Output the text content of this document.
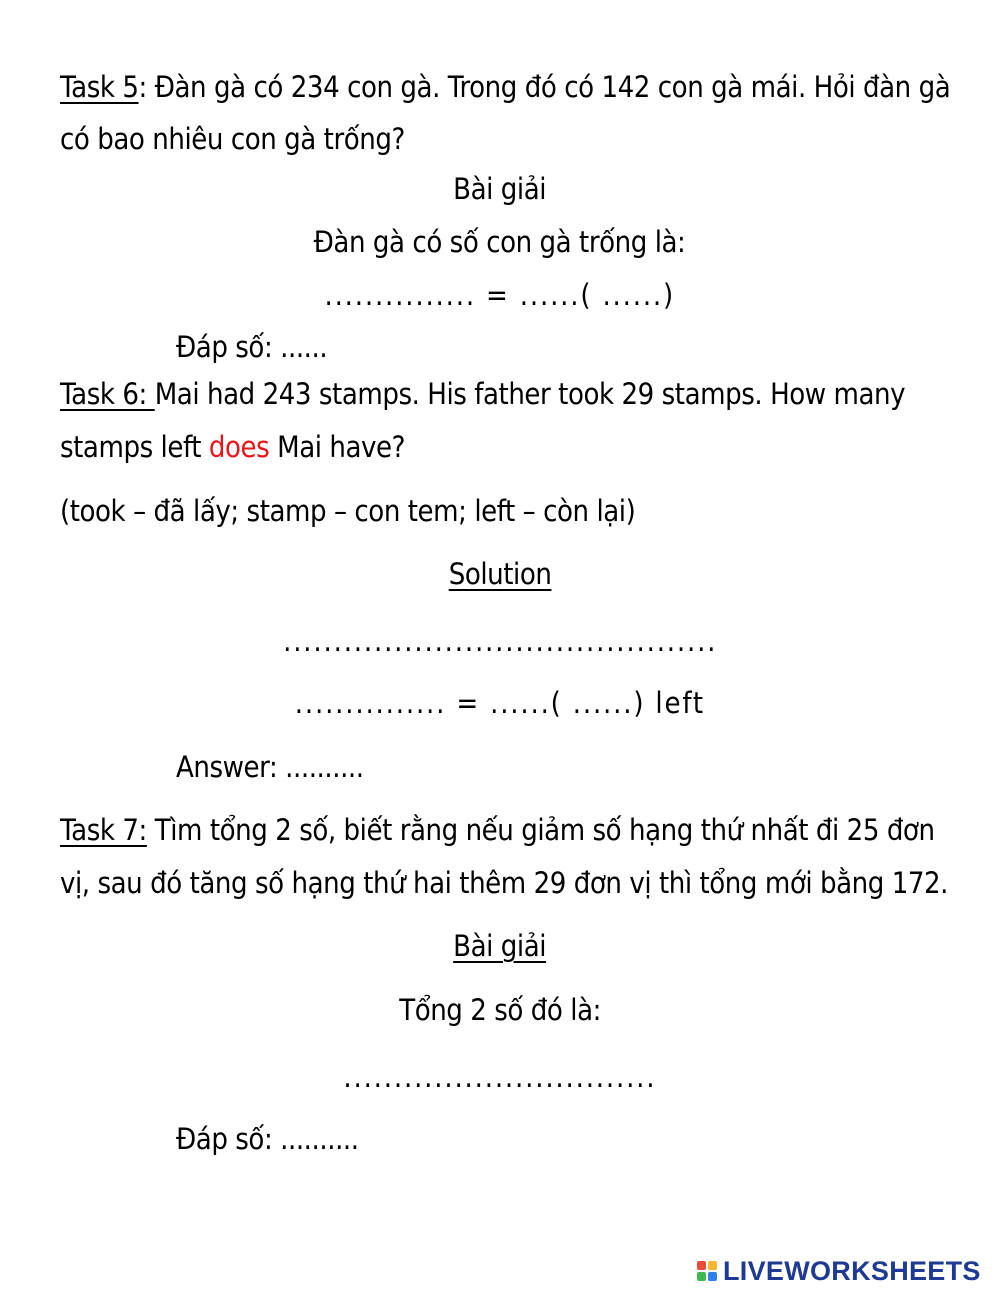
Task 5: Đàn gà có 234 con gà. Trong đó có 142 con gà mái. Hỏi đàn gà
có bao nhiêu con gà trống?
Bài giải
Đàn gà có số con gà trống là:
............... = ......( ......)
Đáp số: ......
Task 6: Mai had 243 stamps. His father took 29 stamps. How many
stamps left does Mai have?
(took – đã lấy; stamp – con tem; left – còn lại)
Solution
...........................................
............... = ......( ......) left
Answer: ..........
Task 7: Tìm tổng 2 số, biết rằng nếu giảm số hạng thứ nhất đi 25 đơn
vị, sau đó tăng số hạng thứ hai thêm 29 đơn vị thì tổng mới bằng 172.
Bài giải
Tổng 2 số đó là:
...............................
Đáp số: ..........
LIVEWORKSHEETS
